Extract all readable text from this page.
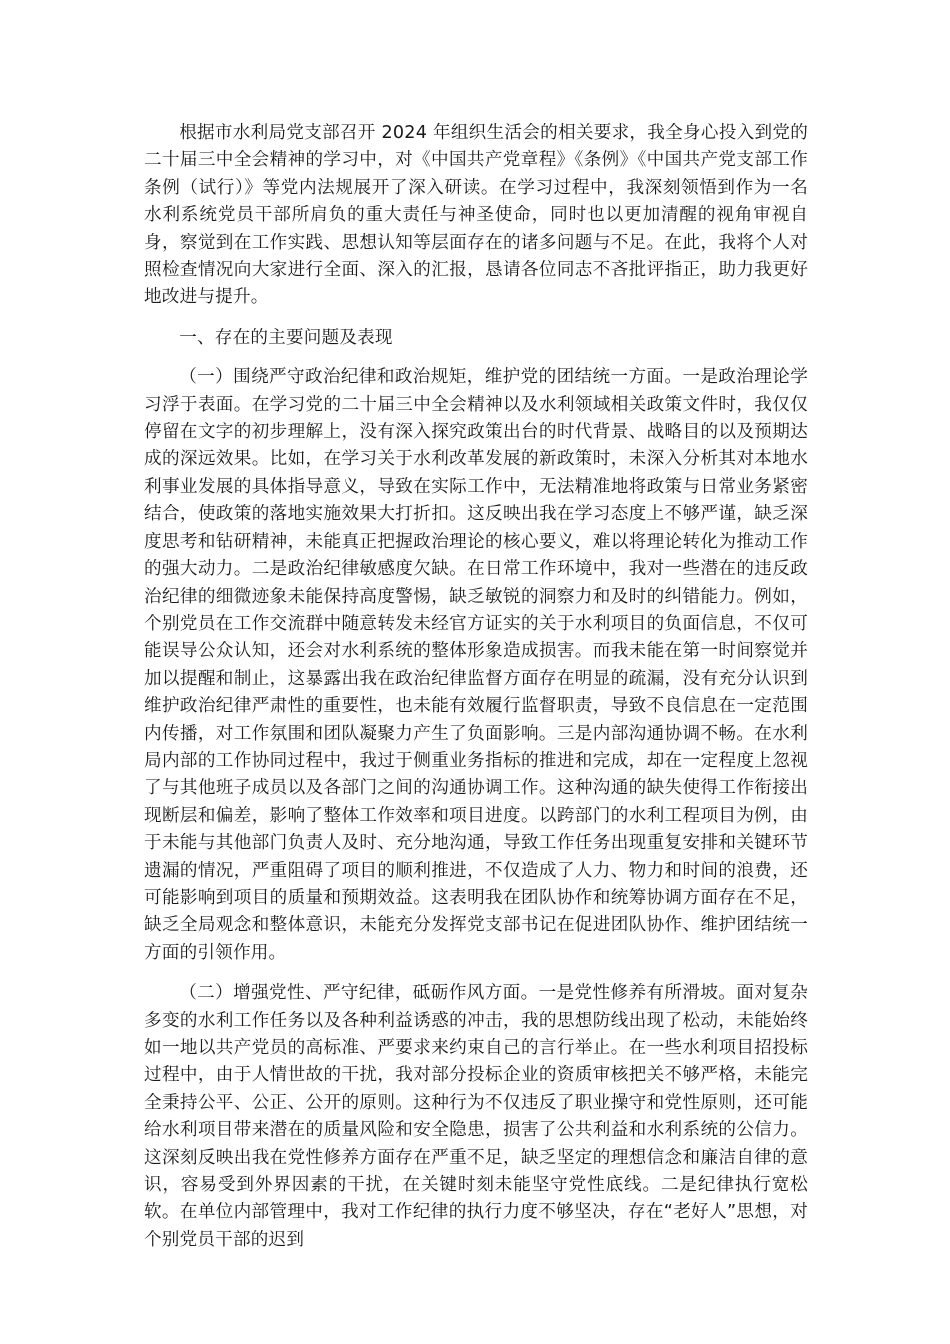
根据市水利局党支部召开 2024 年组织生活会的相关要求，我全身心投入到党的二十届三中全会精神的学习中，对《中国共产党章程》《条例》《中国共产党支部工作条例（试行）》等党内法规展开了深入研读。在学习过程中，我深刻领悟到作为一名水利系统党员干部所肩负的重大责任与神圣使命，同时也以更加清醒的视角审视自身，察觉到在工作实践、思想认知等层面存在的诸多问题与不足。在此，我将个人对照检查情况向大家进行全面、深入的汇报，恳请各位同志不吝批评指正，助力我更好地改进与提升。

一、存在的主要问题及表现

（一）围绕严守政治纪律和政治规矩，维护党的团结统一方面。一是政治理论学习浮于表面。在学习党的二十届三中全会精神以及水利领域相关政策文件时，我仅仅停留在文字的初步理解上，没有深入探究政策出台的时代背景、战略目的以及预期达成的深远效果。比如，在学习关于水利改革发展的新政策时，未深入分析其对本地水利事业发展的具体指导意义，导致在实际工作中，无法精准地将政策与日常业务紧密结合，使政策的落地实施效果大打折扣。这反映出我在学习态度上不够严谨，缺乏深度思考和钻研精神，未能真正把握政治理论的核心要义，难以将理论转化为推动工作的强大动力。二是政治纪律敏感度欠缺。在日常工作环境中，我对一些潜在的违反政治纪律的细微迹象未能保持高度警惕，缺乏敏锐的洞察力和及时的纠错能力。例如，个别党员在工作交流群中随意转发未经官方证实的关于水利项目的负面信息，不仅可能误导公众认知，还会对水利系统的整体形象造成损害。而我未能在第一时间察觉并加以提醒和制止，这暴露出我在政治纪律监督方面存在明显的疏漏，没有充分认识到维护政治纪律严肃性的重要性，也未能有效履行监督职责，导致不良信息在一定范围内传播，对工作氛围和团队凝聚力产生了负面影响。三是内部沟通协调不畅。在水利局内部的工作协同过程中，我过于侧重业务指标的推进和完成，却在一定程度上忽视了与其他班子成员以及各部门之间的沟通协调工作。这种沟通的缺失使得工作衔接出现断层和偏差，影响了整体工作效率和项目进度。以跨部门的水利工程项目为例，由于未能与其他部门负责人及时、充分地沟通，导致工作任务出现重复安排和关键环节遗漏的情况，严重阻碍了项目的顺利推进，不仅造成了人力、物力和时间的浪费，还可能影响到项目的质量和预期效益。这表明我在团队协作和统筹协调方面存在不足，缺乏全局观念和整体意识，未能充分发挥党支部书记在促进团队协作、维护团结统一方面的引领作用。

（二）增强党性、严守纪律，砥砺作风方面。一是党性修养有所滑坡。面对复杂多变的水利工作任务以及各种利益诱惑的冲击，我的思想防线出现了松动，未能始终如一地以共产党员的高标准、严要求来约束自己的言行举止。在一些水利项目招投标过程中，由于人情世故的干扰，我对部分投标企业的资质审核把关不够严格，未能完全秉持公平、公正、公开的原则。这种行为不仅违反了职业操守和党性原则，还可能给水利项目带来潜在的质量风险和安全隐患，损害了公共利益和水利系统的公信力。这深刻反映出我在党性修养方面存在严重不足，缺乏坚定的理想信念和廉洁自律的意识，容易受到外界因素的干扰，在关键时刻未能坚守党性底线。二是纪律执行宽松软。在单位内部管理中，我对工作纪律的执行力度不够坚决，存在“老好人”思想，对个别党员干部的迟到
